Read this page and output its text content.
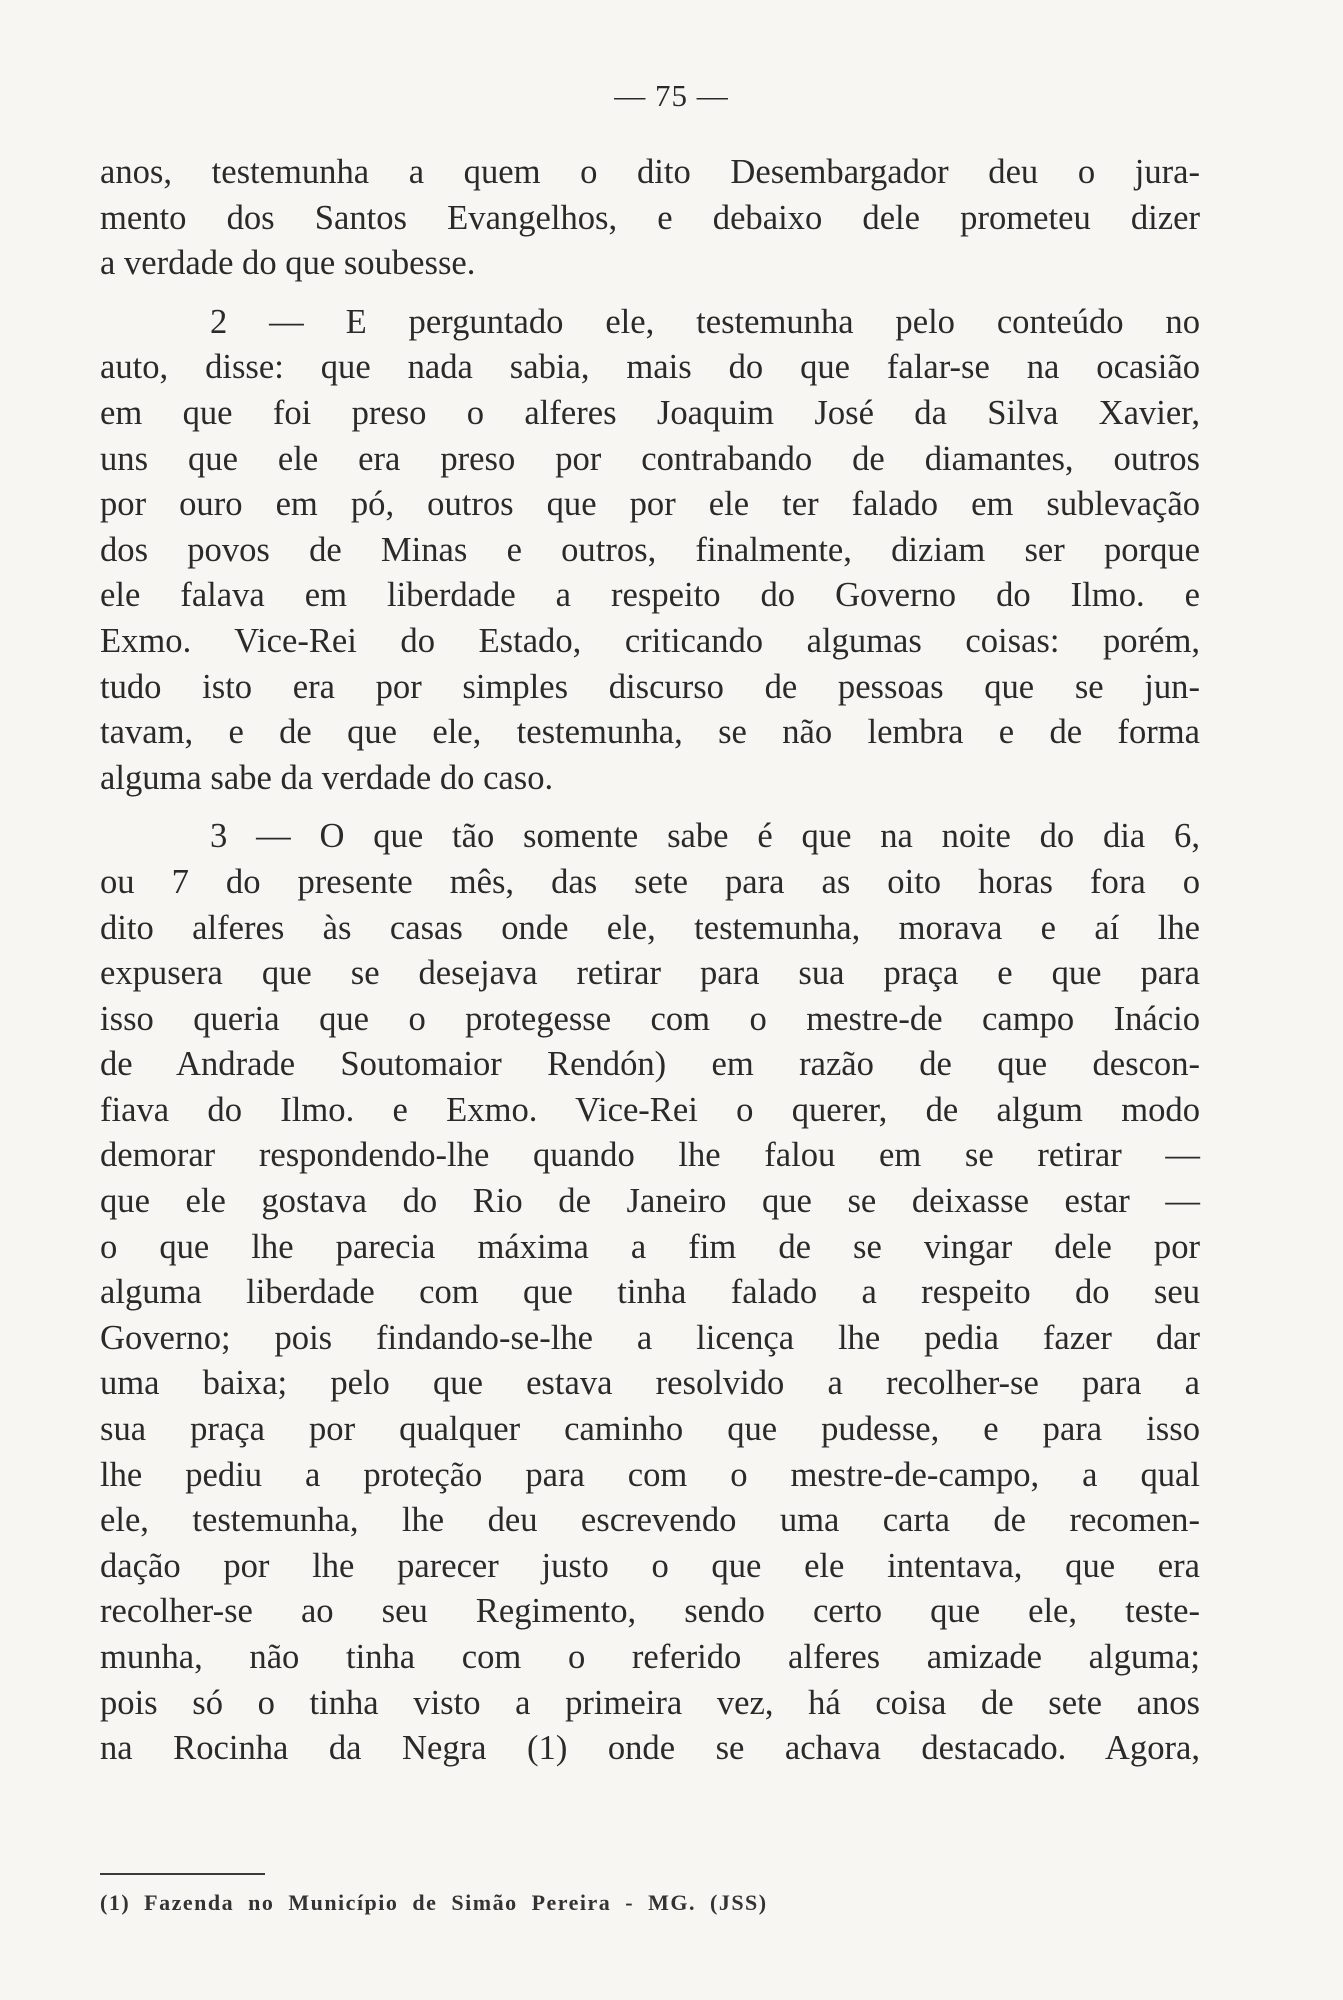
— 75 —
anos, testemunha a quem o dito Desembargador deu o jura-
mento dos Santos Evangelhos, e debaixo dele prometeu dizer
a verdade do que soubesse.
2 — E perguntado ele, testemunha pelo conteúdo no
auto, disse: que nada sabia, mais do que falar-se na ocasião
em que foi preso o alferes Joaquim José da Silva Xavier,
uns que ele era preso por contrabando de diamantes, outros
por ouro em pó, outros que por ele ter falado em sublevação
dos povos de Minas e outros, finalmente, diziam ser porque
ele falava em liberdade a respeito do Governo do Ilmo. e
Exmo. Vice-Rei do Estado, criticando algumas coisas: porém,
tudo isto era por simples discurso de pessoas que se jun-
tavam, e de que ele, testemunha, se não lembra e de forma
alguma sabe da verdade do caso.
3 — O que tão somente sabe é que na noite do dia 6,
ou 7 do presente mês, das sete para as oito horas fora o
dito alferes às casas onde ele, testemunha, morava e aí lhe
expusera que se desejava retirar para sua praça e que para
isso queria que o protegesse com o mestre-de campo Inácio
de Andrade Soutomaior Rendón) em razão de que descon-
fiava do Ilmo. e Exmo. Vice-Rei o querer, de algum modo
demorar respondendo-lhe quando lhe falou em se retirar —
que ele gostava do Rio de Janeiro que se deixasse estar —
o que lhe parecia máxima a fim de se vingar dele por
alguma liberdade com que tinha falado a respeito do seu
Governo; pois findando-se-lhe a licença lhe pedia fazer dar
uma baixa; pelo que estava resolvido a recolher-se para a
sua praça por qualquer caminho que pudesse, e para isso
lhe pediu a proteção para com o mestre-de-campo, a qual
ele, testemunha, lhe deu escrevendo uma carta de recomen-
dação por lhe parecer justo o que ele intentava, que era
recolher-se ao seu Regimento, sendo certo que ele, teste-
munha, não tinha com o referido alferes amizade alguma;
pois só o tinha visto a primeira vez, há coisa de sete anos
na Rocinha da Negra (1) onde se achava destacado. Agora,
(1)  Fazenda  no  Município  de  Simão  Pereira  -  MG.  (JSS)
